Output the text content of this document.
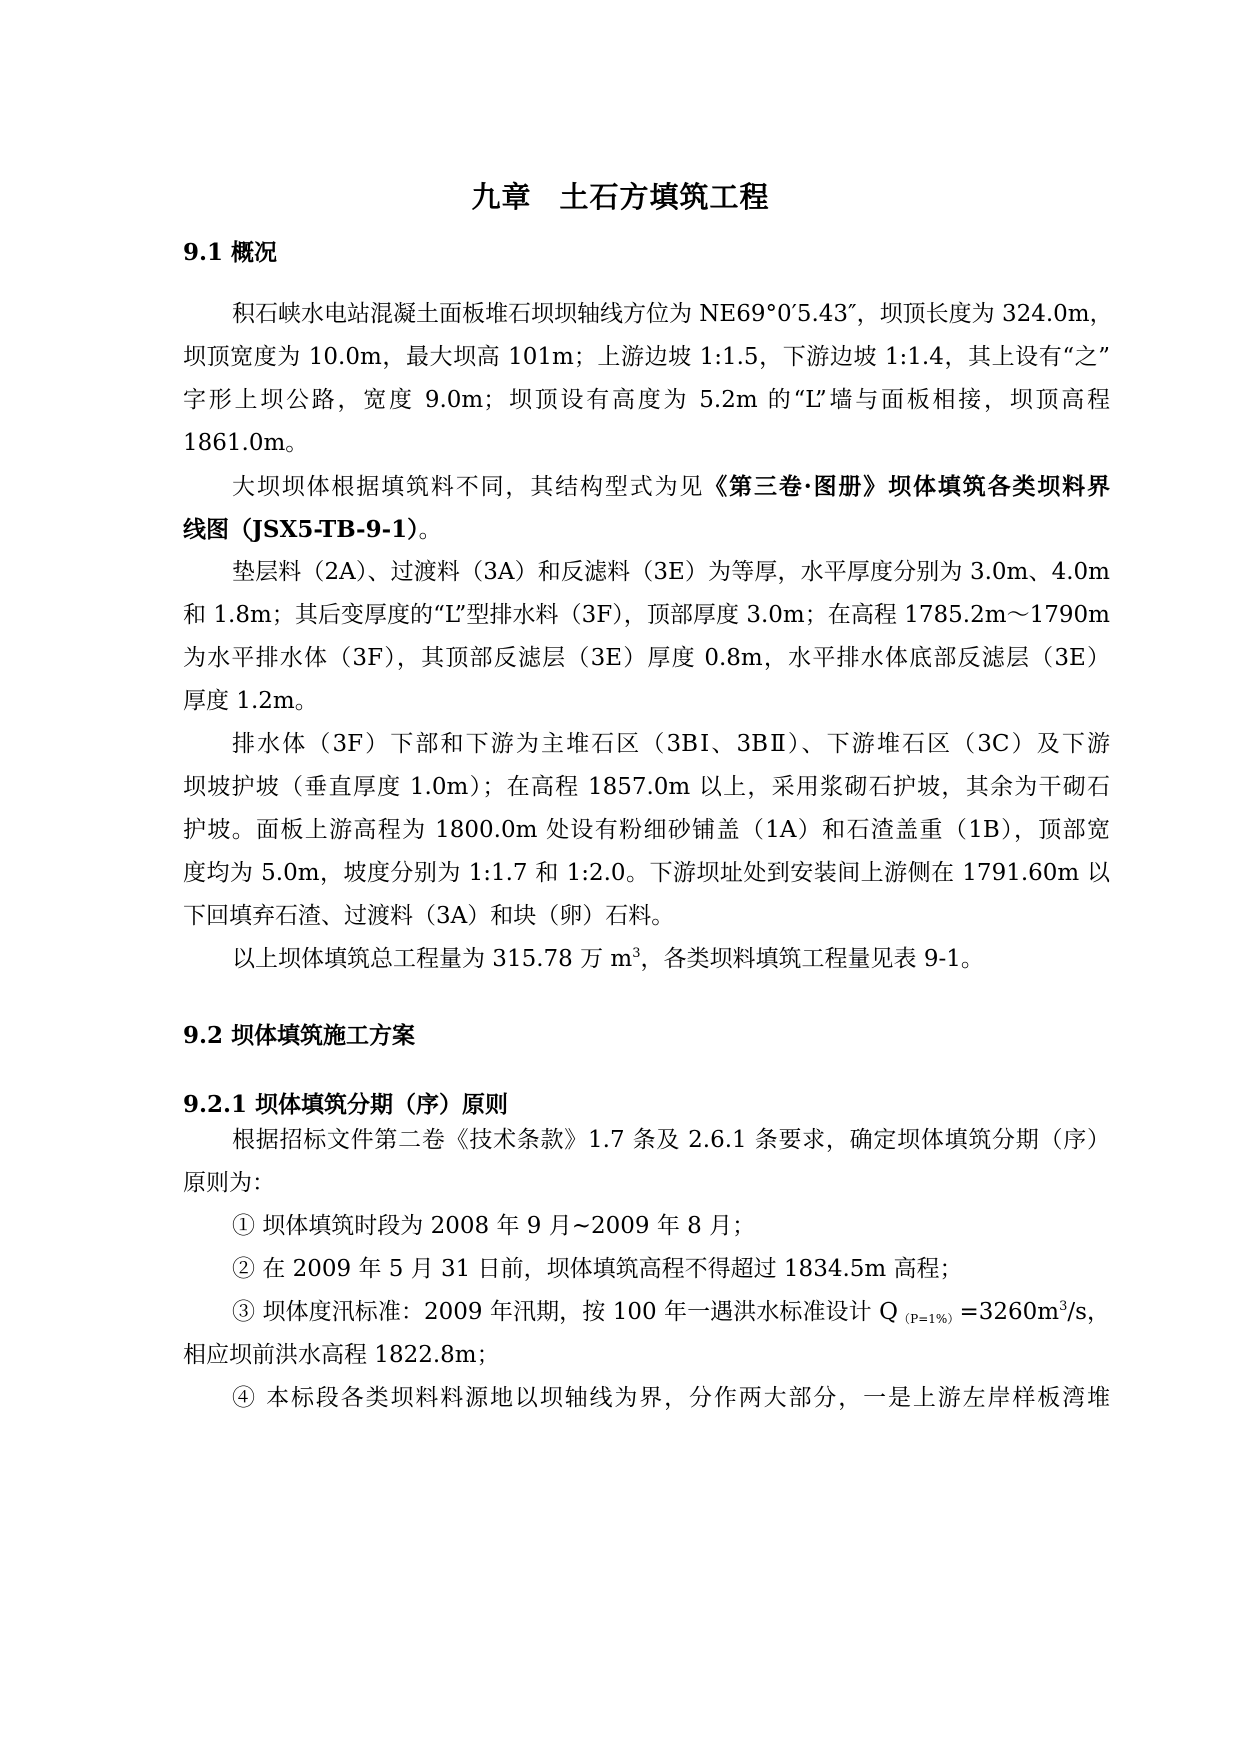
九章 土石方填筑工程
9.1 概况
积石峡水电站混凝土面板堆石坝坝轴线方位为 NE69°0′5.43″，坝顶长度为 324.0m，
坝顶宽度为 10.0m，最大坝高 101m；上游边坡 1:1.5，下游边坡 1:1.4，其上设有“之”
字形上坝公路，宽度 9.0m；坝顶设有高度为 5.2m 的“L”墙与面板相接，坝顶高程
1861.0m。
大坝坝体根据填筑料不同，其结构型式为见《第三卷·图册》坝体填筑各类坝料界
线图（JSX5-TB-9-1）。
垫层料（2A）、过渡料（3A）和反滤料（3E）为等厚，水平厚度分别为 3.0m、4.0m
和 1.8m；其后变厚度的“L”型排水料（3F），顶部厚度 3.0m；在高程 1785.2m～1790m
为水平排水体（3F），其顶部反滤层（3E）厚度 0.8m，水平排水体底部反滤层（3E）
厚度 1.2m。
排水体（3F）下部和下游为主堆石区（3BⅠ、3BⅡ）、下游堆石区（3C）及下游
坝坡护坡（垂直厚度 1.0m）；在高程 1857.0m 以上，采用浆砌石护坡，其余为干砌石
护坡。面板上游高程为 1800.0m 处设有粉细砂铺盖（1A）和石渣盖重（1B），顶部宽
度均为 5.0m，坡度分别为 1:1.7 和 1:2.0。下游坝址处到安装间上游侧在 1791.60m 以
下回填弃石渣、过渡料（3A）和块（卵）石料。
以上坝体填筑总工程量为 315.78 万 $m^3$，各类坝料填筑工程量见表 9-1。
9.2 坝体填筑施工方案
9.2.1 坝体填筑分期（序）原则
根据招标文件第二卷《技术条款》1.7 条及 2.6.1 条要求，确定坝体填筑分期（序）
原则为：
① 坝体填筑时段为 2008 年 9 月~2009 年 8 月；
② 在 2009 年 5 月 31 日前，坝体填筑高程不得超过 1834.5m 高程；
③ 坝体度汛标准：2009 年汛期，按 100 年一遇洪水标准设计 $Q_{(P=1\%)}=3260m^3/s$，
相应坝前洪水高程 1822.8m；
④ 本标段各类坝料料源地以坝轴线为界，分作两大部分，一是上游左岸样板湾堆
